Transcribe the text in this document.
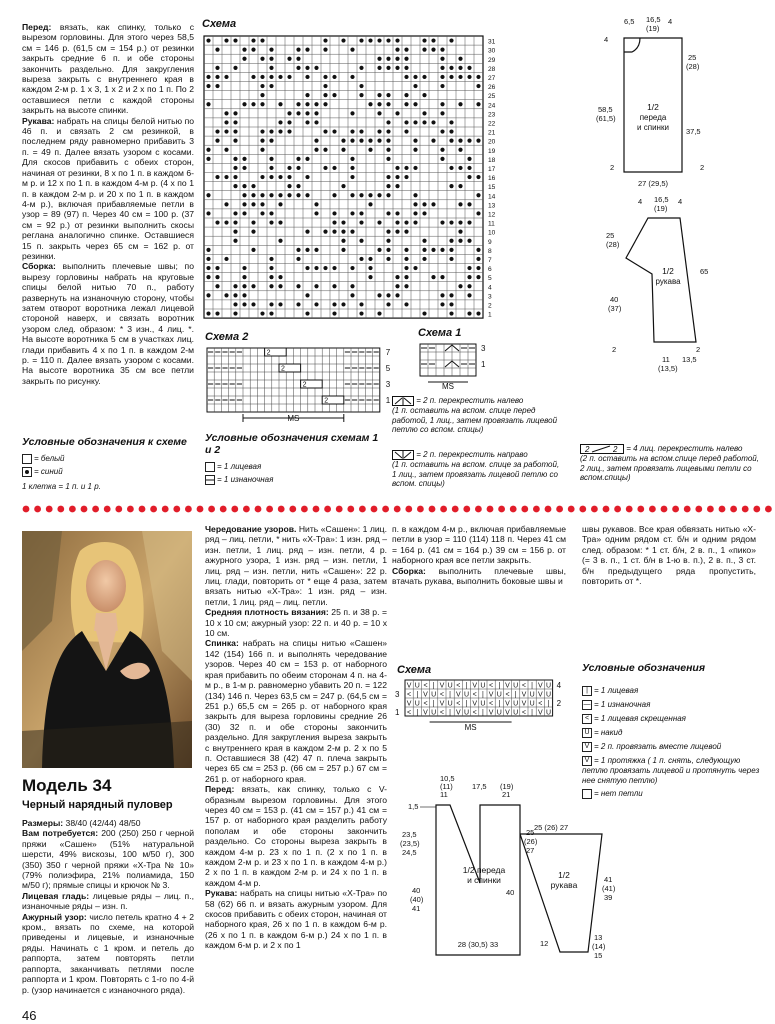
Перед: вязать, как спинку, только с вырезом горловины. Для этого через 58,5 см = 146 р. (61,5 см = 154 р.) от резинки закрыть средние 6 п. и обе стороны закончить раздельно. Для закругления выреза закрыть с внутреннего края в каждом 2-м р. 1 х 3, 1 х 2 и 2 х по 1 п. По 2 оставшиеся петли с каждой стороны закрыть на высоте спинки.

Рукава: набрать на спицы белой нитью по 46 п. и связать 2 см резинкой, в последнем ряду равномерно прибавить 3 п. = 49 п. Далее вязать узором с косами. Для скосов прибавить с обеих сторон, начиная от резинки, 8 х по 1 п. в каждом 6-м р. и 12 х по 1 п. в каждом 4-м р. (4 х по 1 п. в каждом 2-м р. и 20 х по 1 п. в каждом 4-м р.), включая прибавляемые петли в узор = 89 (97) п. Через 40 см = 100 р. (37 см = 92 р.) от резинки выполнить скосы реглана аналогично спинке. Оставшиеся 15 п. закрыть через 65 см = 162 р. от резинки.

Сборка: выполнить плечевые швы; по вырезу горловины набрать на круговые спицы белой нитью 70 п., работу развернуть на изнаночную сторону, чтобы затем отворот воротника лежал лицевой стороной наверх, и связать воротник узором след. образом: * 3 изн., 4 лиц. *. На высоте воротника 5 см в участках лиц. глади прибавить 4 х по 1 п. в каждом 2-м р. = 110 п. Далее вязать узором с косами. На высоте воротника 35 см все петли закрыть по рисунку.

Схема
31
30
29
28
27
26
25
24
23
22
21
20
19
18
17
16
15
14
13
12
11
10
9
8
7
6
5
4
3
2
1
Схема 2
2
2
2
2
7
5
3
1
MS
Схема 1
3
1
MS
6,5 16,5
(19)
4
4
25
(28)
58,5
(61,5)
1/2
переда
и спинки 37,5
2	2
27 (29,5)
4 16,5
(19)
4
25
(28)
1/2
рукава
65
40
(37)
2
11
(13,5)
13,5
2
Условные обозначения к схеме
= белый
= синий
1 клетка = 1 п. и 1 р.
Условные обозначения схемам 1 и 2
= 1 лицевая
= 1 изнаночная
= 2 п. перекрестить налево
(1 п. оставить на вспом. спице перед работой, 1 лиц., затем провязать лицевой петлю со вспом. спицы)
= 2 п. перекрестить направо
(1 п. оставить на вспом. спице за работой, 1 лиц., затем провязать лицевой петлю со вспом. спицы)
2	2 = 4 лиц. перекрестить налево
(2 п. оставить на вспом.спице перед работой, 2 лиц., затем провязать лицевыми петли со вспом.спицы)
Модель 34
Черный нарядный пуловер

Размеры: 38/40 (42/44) 48/50

Вам потребуется: 200 (250) 250 г черной пряжи «Сашен» (51% натуральной шерсти, 49% вискозы, 100 м/50 г), 300 (350) 350 г черной пряжи «X-Тра № 10» (79% полиэфира, 21% полиамида, 150 м/50 г); прямые спицы и крючок № 3.

Лицевая гладь: лицевые ряды – лиц. п., изнаночные ряды – изн. п.

Ажурный узор: число петель кратно 4 + 2 кром., вязать по схеме, на которой приведены и лицевые, и изнаночные ряды. Начинать с 1 кром. и петель до раппорта, затем повторять петли раппорта, заканчивать петлями после раппорта и 1 кром. Повторять с 1-го по 4-й р. (узор начинается с изнаночного ряда).

Чередование узоров. Нить «Сашен»: 1 лиц. ряд – лиц. петли, * нить «X-Тра»: 1 изн. ряд – изн. петли, 1 лиц. ряд – изн. петли, 4 р. ажурного узора, 1 изн. ряд – изн. петли, 1 лиц. ряд – изн. петли, нить «Сашен»: 22 р. лиц. глади, повторить от * еще 4 раза, затем вязать нитью «X-Тра»: 1 изн. ряд – изн. петли, 1 лиц. ряд – лиц. петли.

Средняя плотность вязания: 25 п. и 38 р. = 10 х 10 см; ажурный узор: 22 п. и 40 р. = 10 х 10 см.

Спинка: набрать на спицы нитью «Сашен» 142 (154) 166 п. и выполнять чередование узоров. Через 40 см = 153 р. от наборного края прибавить по обеим сторонам 4 п. на 4-м р., в 1-м р. равномерно убавить 20 п. = 122 (134) 146 п. Через 63,5 см = 247 р. (64,5 см = 251 р.) 65,5 см = 265 р. от наборного края закрыть для выреза горловины средние 26 (30) 32 п. и обе стороны закончить раздельно. Для закругления выреза закрыть с внутреннего края в каждом 2-м р. 2 х по 5 п. Оставшиеся 38 (42) 47 п. плеча закрыть через 65 см = 253 р. (66 см = 257 р.) 67 см = 261 р. от наборного края.

Перед: вязать, как спинку, только с V-образным вырезом горловины. Для этого через 40 см = 153 р. (41 см = 157 р.) 41 см = 157 р. от наборного края разделить работу пополам и обе стороны закончить раздельно. Со стороны выреза закрыть в каждом 4-м р. 23 х по 1 п. (2 х по 1 п. в каждом 2-м р. и 23 х по 1 п. в каждом 4-м р.) 2 х по 1 п. в каждом 2-м р. и 24 х по 1 п. в каждом 4-м р.

Рукава: набрать на спицы нитью «X-Тра» по 58 (62) 66 п. и вязать ажурным узором. Для скосов прибавить с обеих сторон, начиная от наборного края, 26 х по 1 п. в каждом 6-м р. (26 х по 1 п. в каждом 6-м р.) 24 х по 1 п. в каждом 6-м р. и 2 х по 1

п. в каждом 4-м р., включая прибавляемые петли в узор = 110 (114) 118 п. Через 41 см = 164 р. (41 см = 164 р.) 39 см = 156 р. от наборного края все петли закрыть.

Сборка: выполнить плечевые швы, втачать рукава, выполнить боковые швы и

швы рукавов. Все края обвязать нитью «X-Тра» одним рядом ст. б/н и одним рядом след. образом: * 1 ст. б/н, 2 в. п., 1 «пико» (= 3 в. п., 1 ст. б/н в 1-ю в. п.), 2 в. п., 3 ст. б/н предыдущего ряда пропустить, повторить от *.

Схема
V U < | V U < | V U < | V U < | V U
< | V U < | V U < | V U < | V U V U
V U < | V U < | V U < | V U V U < |
< | V U < | V U < | V U V U < | V U
4
2
3
1
MS
Условные обозначения
| = 1 лицевая
— = 1 изнаночная
< = 1 лицевая скрещенная
U = накид
V = 2 п. провязать вместе лицевой
V = 1 протяжка ( 1 п. снять, следующую петлю провязать лицевой и протянуть через нее снятую петлю)
= нет петли
10,5
(11)
11
17,5 (19)
21
1,5
23,5
(23,5)
24,5
25
(26)
27
1/2 переда
и спинки
40
(40)
41
40
28 (30,5) 33
25 (26) 27
1/2
рукава
41
(41)
39
12
13
(14)
15
46
